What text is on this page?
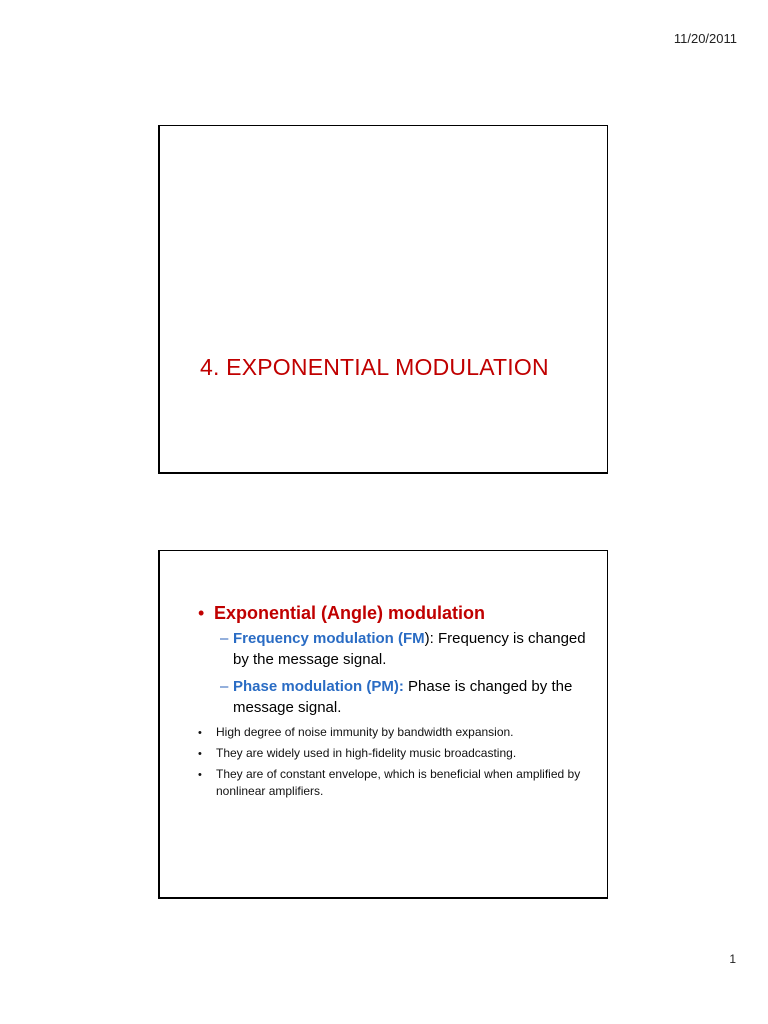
11/20/2011
4. EXPONENTIAL MODULATION
• Exponential (Angle) modulation
– Frequency modulation (FM): Frequency is changed by the message signal.
– Phase modulation (PM): Phase is changed by the message signal.
•	High degree of noise immunity by bandwidth expansion.
•	They are widely used in high-fidelity music broadcasting.
•	They are of constant envelope, which is beneficial when amplified by nonlinear amplifiers.
1
